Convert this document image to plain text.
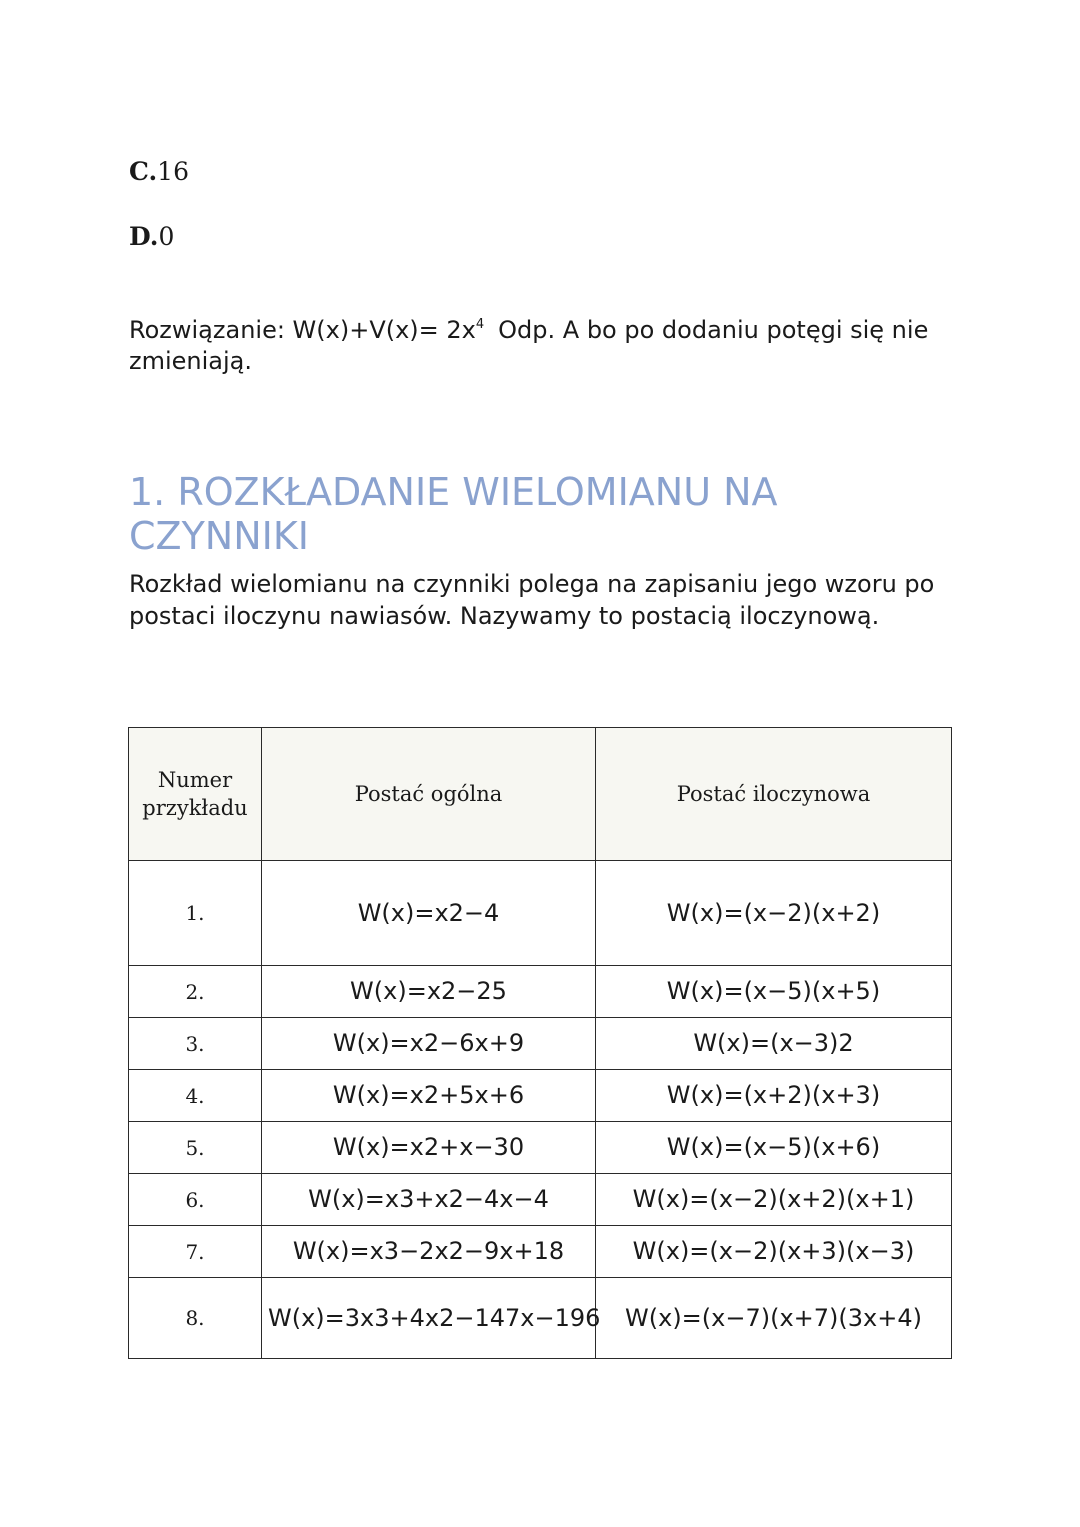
C.16
D.0
Rozwiązanie: $W(x)+V(x)= 2x^4$ Odp. A bo po dodaniu potęgi się nie zmieniają.
1. ROZKŁADANIE WIELOMIANU NA CZYNNIKI

Rozkład wielomianu na czynniki polega na zapisaniu jego wzoru po postaci iloczynu nawiasów. Nazywamy to postacią iloczynową.

Numer przykładu	Postać ogólna	Postać iloczynowa
1.	W(x)=x2−4	W(x)=(x−2)(x+2)
2.	W(x)=x2−25	W(x)=(x−5)(x+5)
3.	W(x)=x2−6x+9	W(x)=(x−3)2
4.	W(x)=x2+5x+6	W(x)=(x+2)(x+3)
5.	W(x)=x2+x−30	W(x)=(x−5)(x+6)
6.	W(x)=x3+x2−4x−4	W(x)=(x−2)(x+2)(x+1)
7.	W(x)=x3−2x2−9x+18	W(x)=(x−2)(x+3)(x−3)
8.	W(x)=3x3+4x2−147x−196	W(x)=(x−7)(x+7)(3x+4)
